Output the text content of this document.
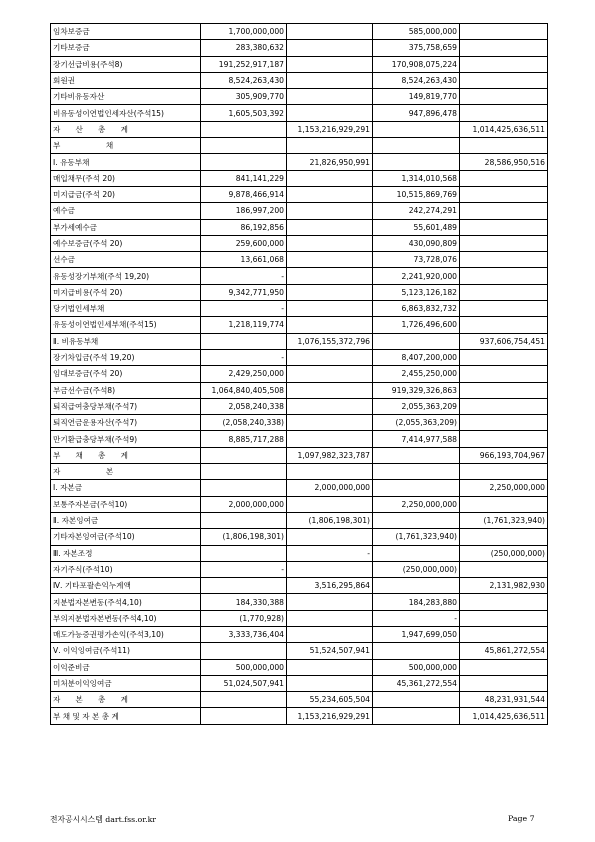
임차보증금	1,700,000,000		585,000,000	
기타보증금	283,380,632		375,758,659	
장기선급비용(주석8)	191,252,917,187		170,908,075,224	
회원권	8,524,263,430		8,524,263,430	
기타비유동자산	305,909,770		149,819,770	
비유동성이연법인세자산(주석15)	1,605,503,392		947,896,478	
자　　산　　총　　계		1,153,216,929,291		1,014,425,636,511
부　　　　　　채				
Ⅰ. 유동부채		21,826,950,991		28,586,950,516
매입채무(주석 20)	841,141,229		1,314,010,568	
미지급금(주석 20)	9,878,466,914		10,515,869,769	
예수금	186,997,200		242,274,291	
부가세예수금	86,192,856		55,601,489	
예수보증금(주석 20)	259,600,000		430,090,809	
선수금	13,661,068		73,728,076	
유동성장기부채(주석 19,20)	-		2,241,920,000	
미지급비용(주석 20)	9,342,771,950		5,123,126,182	
당기법인세부채	-		6,863,832,732	
유동성이연법인세부채(주석15)	1,218,119,774		1,726,496,600	
Ⅱ. 비유동부채		1,076,155,372,796		937,606,754,451
장기차입금(주석 19,20)	-		8,407,200,000	
임대보증금(주석 20)	2,429,250,000		2,455,250,000	
부금선수금(주석8)	1,064,840,405,508		919,329,326,863	
퇴직급여충당부채(주석7)	2,058,240,338		2,055,363,209	
퇴직연금운용자산(주석7)	(2,058,240,338)		(2,055,363,209)	
만기환급충당부채(주석9)	8,885,717,288		7,414,977,588	
부　　채　　총　　계		1,097,982,323,787		966,193,704,967
자　　　　　　본				
Ⅰ. 자본금		2,000,000,000		2,250,000,000
보통주자본금(주석10)	2,000,000,000		2,250,000,000	
Ⅱ. 자본잉여금		(1,806,198,301)		(1,761,323,940)
기타자본잉여금(주석10)	(1,806,198,301)		(1,761,323,940)	
Ⅲ. 자본조정		-		(250,000,000)
자기주식(주석10)	-		(250,000,000)	
Ⅳ. 기타포괄손익누계액		3,516,295,864		2,131,982,930
지분법자본변동(주석4,10)	184,330,388		184,283,880	
부의지분법자본변동(주석4,10)	(1,770,928)		-	
매도가능증권평가손익(주석3,10)	3,333,736,404		1,947,699,050	
Ⅴ. 이익잉여금(주석11)		51,524,507,941		45,861,272,554
이익준비금	500,000,000		500,000,000	
미처분이익잉여금	51,024,507,941		45,361,272,554	
자　　본　　총　　계		55,234,605,504		48,231,931,544
부 채 및 자 본 총 계		1,153,216,929,291		1,014,425,636,511
전자공시시스템 dart.fss.or.kr	Page 7
